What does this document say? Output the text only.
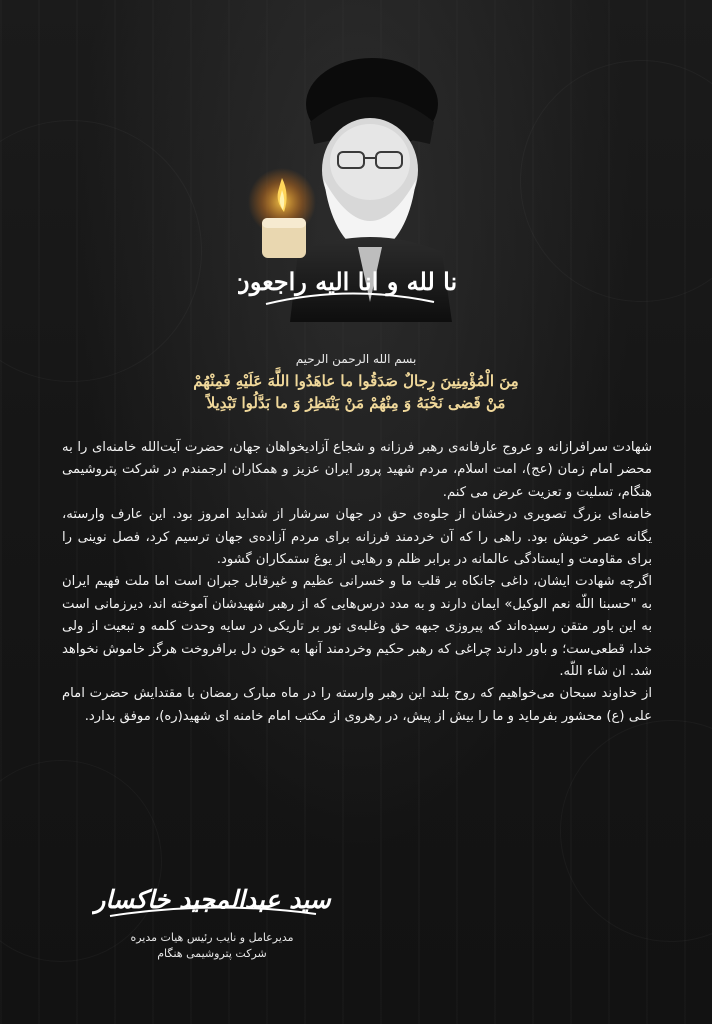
انا لله و انا الیه راجعون

بسم الله الرحمن الرحیم

مِنَ الْمُؤْمِنِينَ رِجالٌ صَدَقُوا ما عاهَدُوا اللَّهَ عَلَيْهِ فَمِنْهُمْ

مَنْ قَضى‏ نَحْبَهُ وَ مِنْهُمْ مَنْ يَنْتَظِرُ وَ ما بَدَّلُوا تَبْدِيلاً

شهادت سرافرازانه و عروج عارفانه‌ی رهبر فرزانه و شجاع آزادیخواهان جهان، حضرت آیت‌الله خامنه‌ای را به محضر امام زمان (عج)، امت اسلام، مردم شهید پرور ایران عزیز و همکاران ارجمندم در شرکت پتروشیمی هنگام، تسلیت و تعزیت عرض می کنم.

خامنه‌ای بزرگ تصویری درخشان از جلوه‌ی حق در جهان سرشار از شداید امروز بود. این عارف وارسته، یگانه عصر خویش بود. راهی را که آن خردمند فرزانه برای مردم آزاده‌ی جهان ترسیم کرد، فصل نوینی را برای مقاومت و ایستادگی عالمانه در برابر ظلم و رهایی از یوغ ستمکاران گشود.

اگرچه شهادت ایشان، داغی جانکاه بر قلب ما و خسرانی عظیم و غیرقابل جبران است اما ملت فهیم ایران به "حسبنا اللّه نعم الوکیل» ایمان دارند و به مدد درس‌هایی که از رهبر شهیدشان آموخته اند، دیرزمانی است به این باور متقن رسیده‌اند که پیروزی جبهه حق وغلبه‌ی نور بر تاریکی در سایه وحدت کلمه و تبعیت از ولی خدا، قطعی‌ست؛ و باور دارند چراغی که رهبر حکیم وخردمند آنها به خون دل برافروخت هرگز خاموش نخواهد شد. ان شاء اللّه.

از خداوند سبحان می‌خواهیم که روح بلند این رهبر وارسته را در ماه مبارک رمضان با مقتدایش حضرت امام علی (ع) محشور بفرماید و ما را بیش از پیش، در رهروی از مکتب امام خامنه ای شهید(ره)، موفق بدارد.

سید عبدالمجید خاکسار
مدیرعامل و نایب رئیس هیات مدیره
شرکت پتروشیمی هنگام
